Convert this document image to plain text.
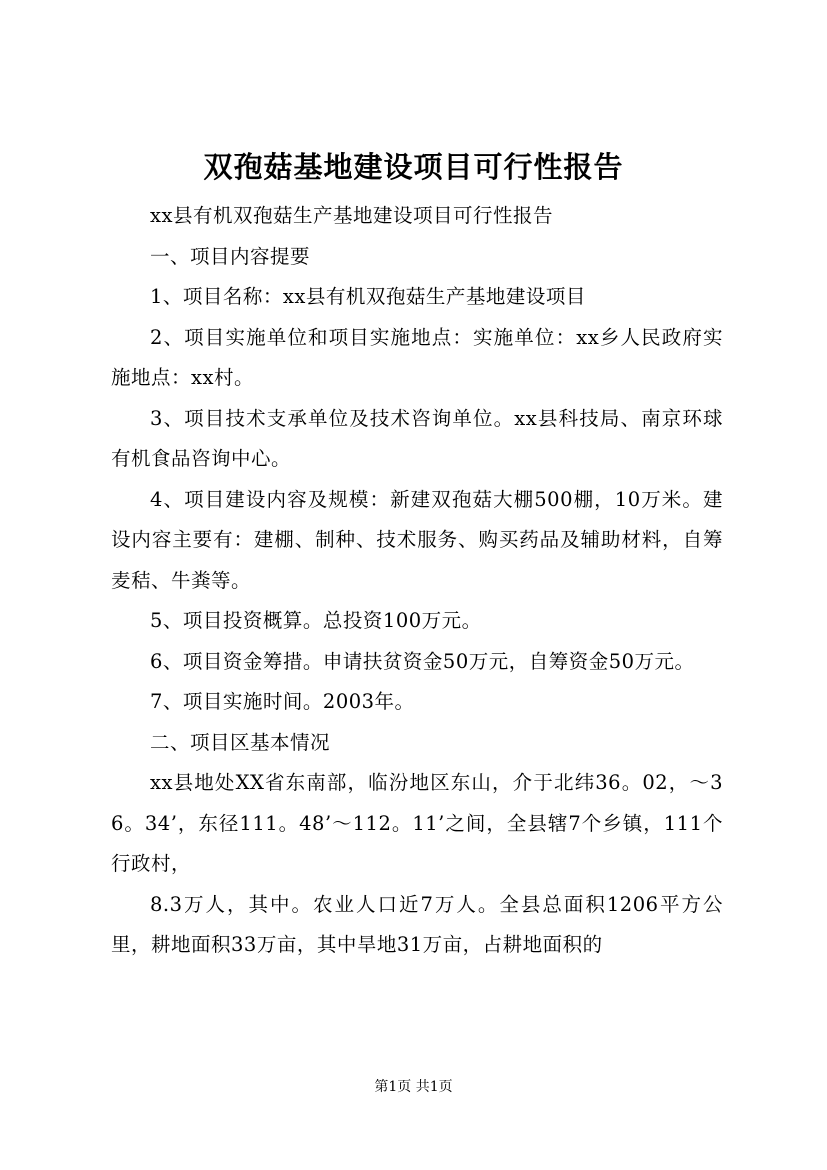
双孢菇基地建设项目可行性报告

xx县有机双孢菇生产基地建设项目可行性报告

一、项目内容提要

1、项目名称：xx县有机双孢菇生产基地建设项目

2、项目实施单位和项目实施地点：实施单位：xx乡人民政府实施地点：xx村。

3、项目技术支承单位及技术咨询单位。xx县科技局、南京环球有机食品咨询中心。

4、项目建设内容及规模：新建双孢菇大棚500棚，10万米。建设内容主要有：建棚、制种、技术服务、购买药品及辅助材料，自筹麦秸、牛粪等。

5、项目投资概算。总投资100万元。

6、项目资金筹措。申请扶贫资金50万元，自筹资金50万元。

7、项目实施时间。2003年。

二、项目区基本情况

xx县地处XX省东南部，临汾地区东山，介于北纬36。02，～36。34’，东径111。48’～112。11’之间，全县辖7个乡镇，111个行政村，

8.3万人，其中。农业人口近7万人。全县总面积1206平方公里，耕地面积33万亩，其中旱地31万亩，占耕地面积的

第1页 共1页
